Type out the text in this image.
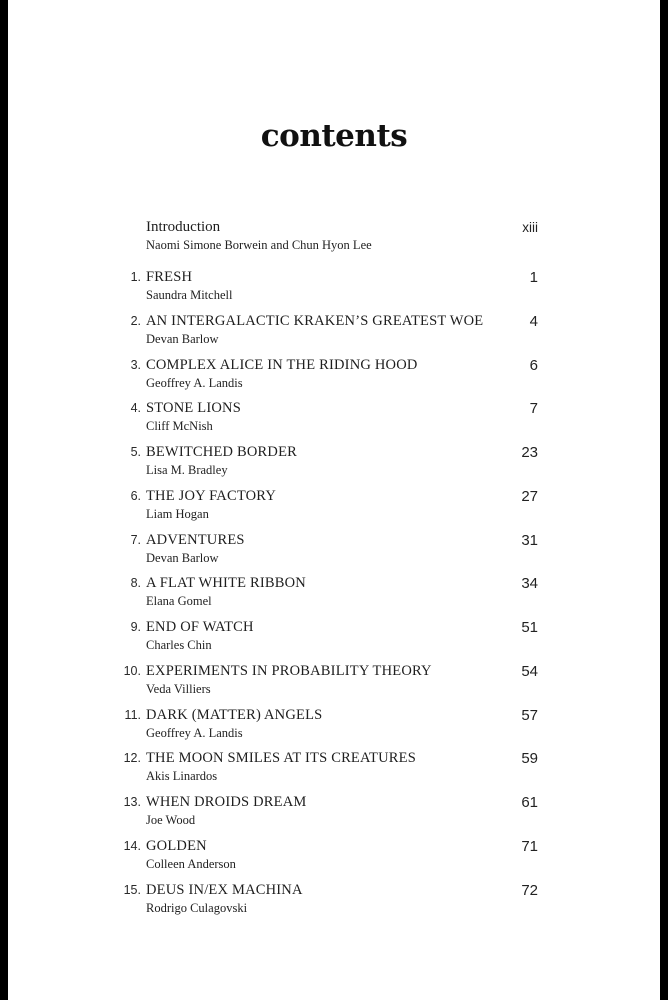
contents
Introduction
Naomi Simone Borwein and Chun Hyon Lee
xiii
1. FRESH
Saundra Mitchell
1
2. AN INTERGALACTIC KRAKEN’S GREATEST WOE
Devan Barlow
4
3. COMPLEX ALICE IN THE RIDING HOOD
Geoffrey A. Landis
6
4. STONE LIONS
Cliff McNish
7
5. BEWITCHED BORDER
Lisa M. Bradley
23
6. THE JOY FACTORY
Liam Hogan
27
7. ADVENTURES
Devan Barlow
31
8. A FLAT WHITE RIBBON
Elana Gomel
34
9. END OF WATCH
Charles Chin
51
10. EXPERIMENTS IN PROBABILITY THEORY
Veda Villiers
54
11. DARK (MATTER) ANGELS
Geoffrey A. Landis
57
12. THE MOON SMILES AT ITS CREATURES
Akis Linardos
59
13. WHEN DROIDS DREAM
Joe Wood
61
14. GOLDEN
Colleen Anderson
71
15. DEUS IN/EX MACHINA
Rodrigo Culagovski
72
